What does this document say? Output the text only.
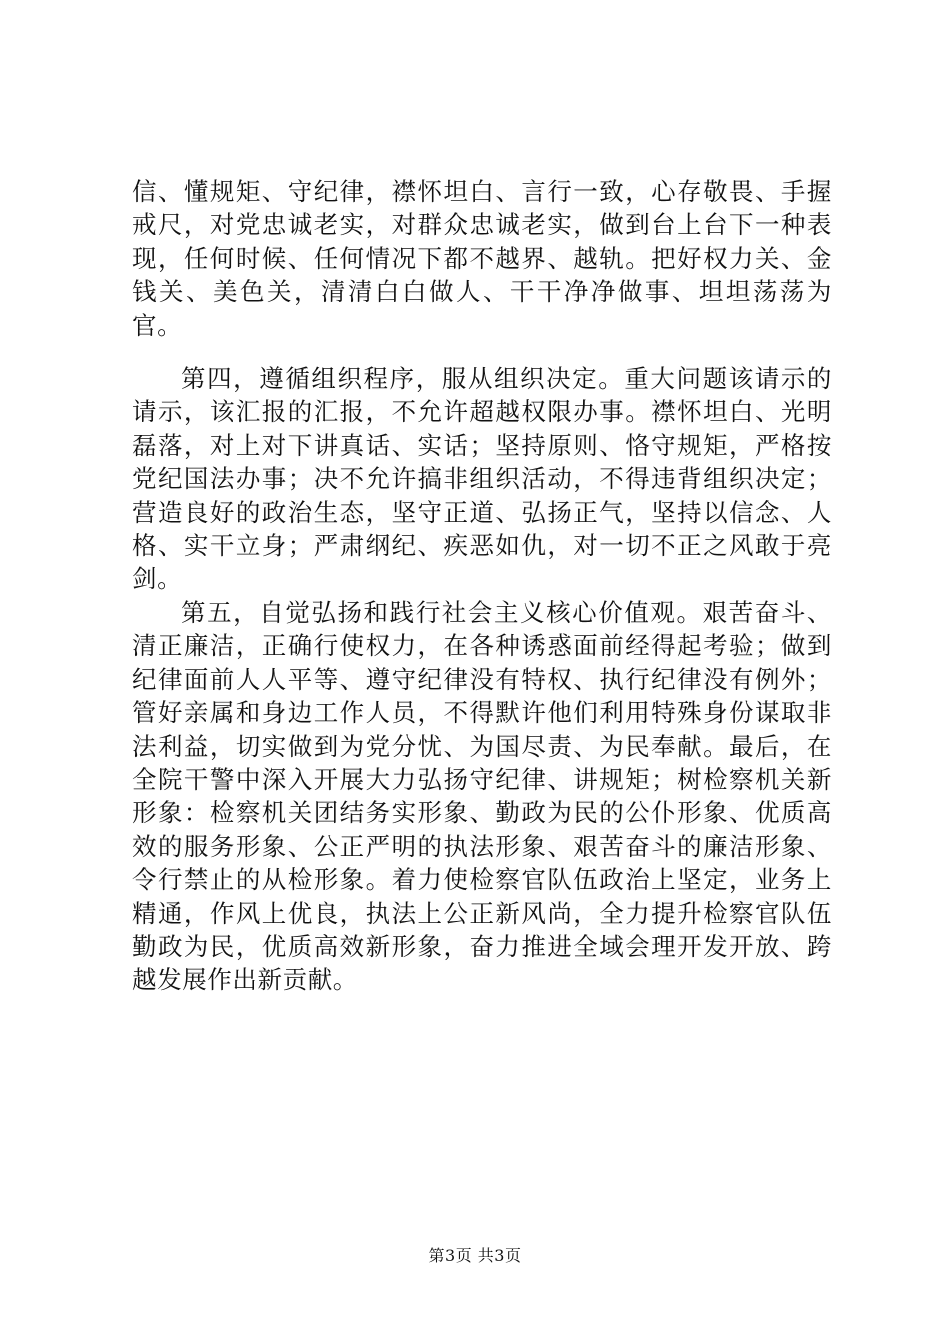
信、懂规矩、守纪律，襟怀坦白、言行一致，心存敬畏、手握戒尺，对党忠诚老实，对群众忠诚老实，做到台上台下一种表现，任何时候、任何情况下都不越界、越轨。把好权力关、金钱关、美色关，清清白白做人、干干净净做事、坦坦荡荡为官。

第四，遵循组织程序，服从组织决定。重大问题该请示的请示，该汇报的汇报，不允许超越权限办事。襟怀坦白、光明磊落，对上对下讲真话、实话；坚持原则、恪守规矩，严格按党纪国法办事；决不允许搞非组织活动，不得违背组织决定；营造良好的政治生态，坚守正道、弘扬正气，坚持以信念、人格、实干立身；严肃纲纪、疾恶如仇，对一切不正之风敢于亮剑。

第五，自觉弘扬和践行社会主义核心价值观。艰苦奋斗、清正廉洁，正确行使权力，在各种诱惑面前经得起考验；做到纪律面前人人平等、遵守纪律没有特权、执行纪律没有例外；管好亲属和身边工作人员，不得默许他们利用特殊身份谋取非法利益，切实做到为党分忧、为国尽责、为民奉献。最后，在全院干警中深入开展大力弘扬守纪律、讲规矩；树检察机关新形象：检察机关团结务实形象、勤政为民的公仆形象、优质高效的服务形象、公正严明的执法形象、艰苦奋斗的廉洁形象、令行禁止的从检形象。着力使检察官队伍政治上坚定，业务上精通，作风上优良，执法上公正新风尚，全力提升检察官队伍勤政为民，优质高效新形象，奋力推进全域会理开发开放、跨越发展作出新贡献。

第3页 共3页
